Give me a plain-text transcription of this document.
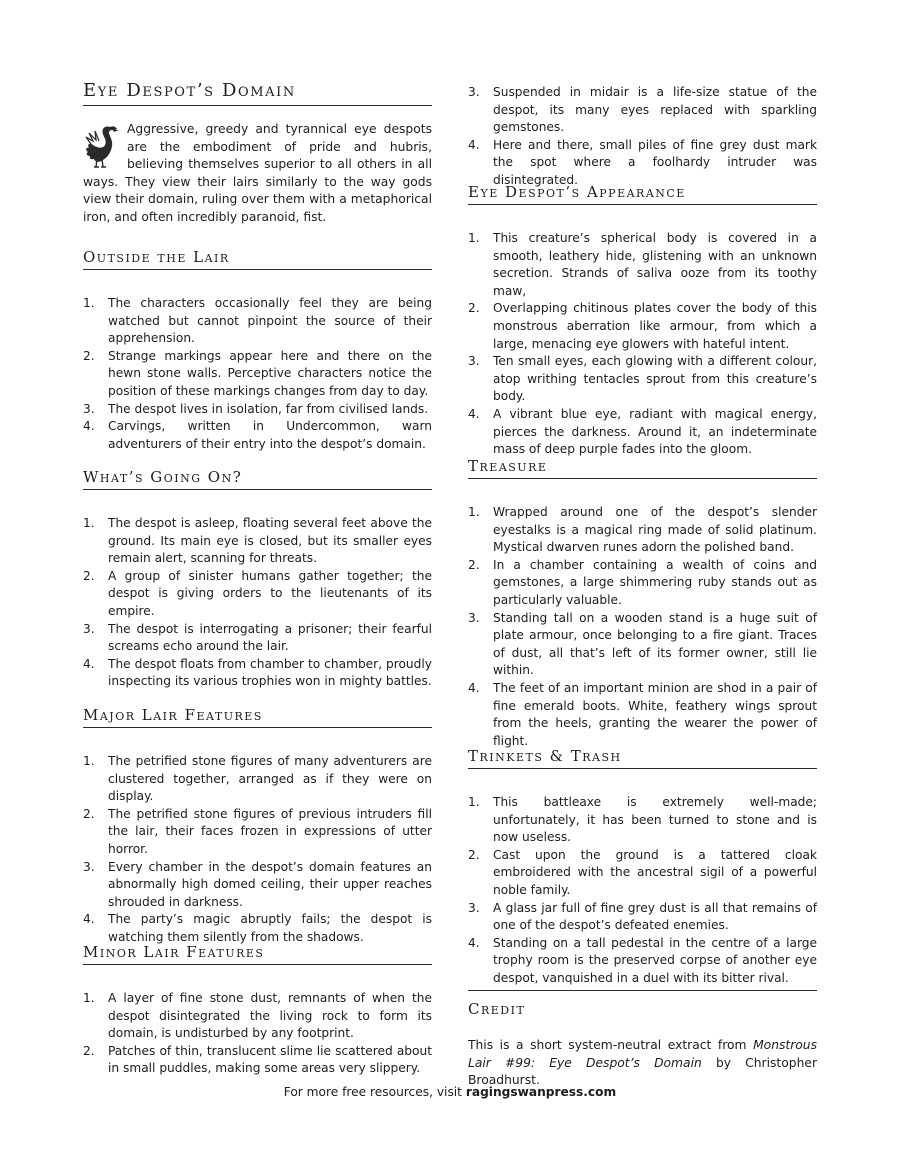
Eye Despot’s Domain
Aggressive, greedy and tyrannical eye despots are the embodiment of pride and hubris, believing themselves superior to all others in all ways. They view their lairs similarly to the way gods view their domain, ruling over them with a metaphorical iron, and often incredibly paranoid, fist.
Outside the Lair
1. The characters occasionally feel they are being watched but cannot pinpoint the source of their apprehension.
2. Strange markings appear here and there on the hewn stone walls. Perceptive characters notice the position of these markings changes from day to day.
3. The despot lives in isolation, far from civilised lands.
4. Carvings, written in Undercommon, warn adventurers of their entry into the despot’s domain.
What’s Going On?
1. The despot is asleep, floating several feet above the ground. Its main eye is closed, but its smaller eyes remain alert, scanning for threats.
2. A group of sinister humans gather together; the despot is giving orders to the lieutenants of its empire.
3. The despot is interrogating a prisoner; their fearful screams echo around the lair.
4. The despot floats from chamber to chamber, proudly inspecting its various trophies won in mighty battles.
Major Lair Features
1. The petrified stone figures of many adventurers are clustered together, arranged as if they were on display.
2. The petrified stone figures of previous intruders fill the lair, their faces frozen in expressions of utter horror.
3. Every chamber in the despot’s domain features an abnormally high domed ceiling, their upper reaches shrouded in darkness.
4. The party’s magic abruptly fails; the despot is watching them silently from the shadows.
Minor Lair Features
1. A layer of fine stone dust, remnants of when the despot disintegrated the living rock to form its domain, is undisturbed by any footprint.
2. Patches of thin, translucent slime lie scattered about in small puddles, making some areas very slippery.
3. Suspended in midair is a life-size statue of the despot, its many eyes replaced with sparkling gemstones.
4. Here and there, small piles of fine grey dust mark the spot where a foolhardy intruder was disintegrated.
Eye Despot’s Appearance
1. This creature’s spherical body is covered in a smooth, leathery hide, glistening with an unknown secretion. Strands of saliva ooze from its toothy maw,
2. Overlapping chitinous plates cover the body of this monstrous aberration like armour, from which a large, menacing eye glowers with hateful intent.
3. Ten small eyes, each glowing with a different colour, atop writhing tentacles sprout from this creature’s body.
4. A vibrant blue eye, radiant with magical energy, pierces the darkness. Around it, an indeterminate mass of deep purple fades into the gloom.
Treasure
1. Wrapped around one of the despot’s slender eyestalks is a magical ring made of solid platinum. Mystical dwarven runes adorn the polished band.
2. In a chamber containing a wealth of coins and gemstones, a large shimmering ruby stands out as particularly valuable.
3. Standing tall on a wooden stand is a huge suit of plate armour, once belonging to a fire giant. Traces of dust, all that’s left of its former owner, still lie within.
4. The feet of an important minion are shod in a pair of fine emerald boots. White, feathery wings sprout from the heels, granting the wearer the power of flight.
Trinkets & Trash
1. This battleaxe is extremely well-made; unfortunately, it has been turned to stone and is now useless.
2. Cast upon the ground is a tattered cloak embroidered with the ancestral sigil of a powerful noble family.
3. A glass jar full of fine grey dust is all that remains of one of the despot’s defeated enemies.
4. Standing on a tall pedestal in the centre of a large trophy room is the preserved corpse of another eye despot, vanquished in a duel with its bitter rival.
Credit
This is a short system-neutral extract from Monstrous Lair #99: Eye Despot’s Domain by Christopher Broadhurst.
For more free resources, visit ragingswanpress.com
